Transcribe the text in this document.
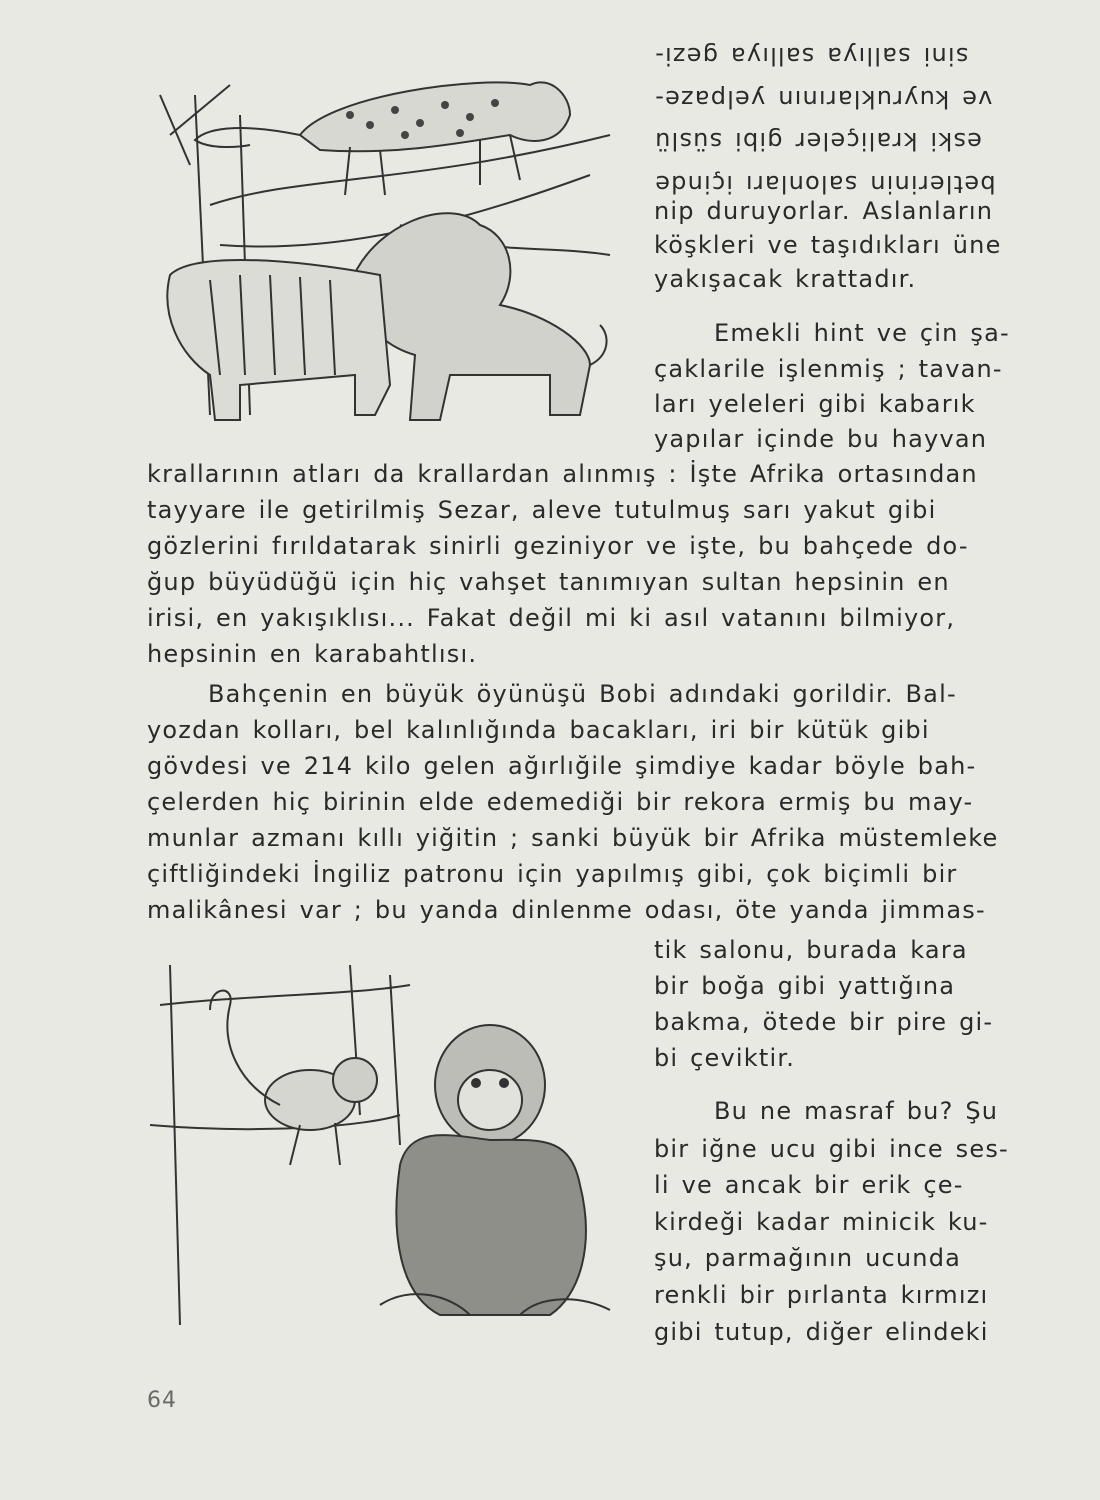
sini sallıya sallıya gezi-
ve kuyruklarının yelpaze-
eski kraliçeler gibi süslü
betlerinin salonları içinde
nip duruyorlar. Aslanların
köşkleri ve taşıdıkları üne
yakışacak krattadır.
Emekli hint ve çin şa-
çaklarile işlenmiş ; tavan-
ları yeleleri gibi kabarık
yapılar içinde bu hayvan
krallarının atları da krallardan alınmış : İşte Afrika ortasından
tayyare ile getirilmiş Sezar, aleve tutulmuş sarı yakut gibi
gözlerini fırıldatarak sinirli geziniyor ve işte, bu bahçede do-
ğup büyüdüğü için hiç vahşet tanımıyan sultan hepsinin en
irisi, en yakışıklısı... Fakat değil mi ki asıl vatanını bilmiyor,
hepsinin en karabahtlısı.
Bahçenin en büyük öyünüşü Bobi adındaki gorildir. Bal-
yozdan kolları, bel kalınlığında bacakları, iri bir kütük gibi
gövdesi ve 214 kilo gelen ağırlığile şimdiye kadar böyle bah-
çelerden hiç birinin elde edemediği bir rekora ermiş bu may-
munlar azmanı kıllı yiğitin ; sanki büyük bir Afrika müstemleke
çiftliğindeki İngiliz patronu için yapılmış gibi, çok biçimli bir
malikânesi var ; bu yanda dinlenme odası, öte yanda jimmas-
tik salonu, burada kara
bir boğa gibi yattığına
bakma, ötede bir pire gi-
bi çeviktir.
Bu ne masraf bu? Şu
bir iğne ucu gibi ince ses-
li ve ancak bir erik çe-
kirdeği kadar minicik ku-
şu, parmağının ucunda
renkli bir pırlanta kırmızı
gibi tutup, diğer elindeki
64
